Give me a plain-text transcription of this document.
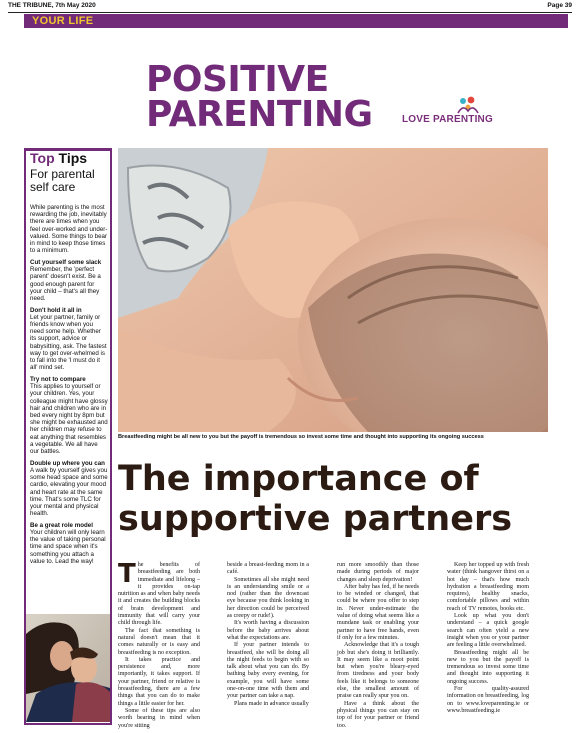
THE TRIBUNE, 7th May 2020	Page 39
YOUR LIFE
POSITIVE
PARENTING	LOVE PARENTING
Top Tips
For parental self care

While parenting is the most rewarding the job, inevitably there are times when you feel over-worked and under-valued. Some things to bear in mind to keep those times to a minimum.

Cut yourself some slack
Remember, the 'perfect parent' doesn't exist. Be a good enough parent for your child – that's all they need.

Don't hold it all in
Let your partner, family or friends know when you need some help. Whether its support, advice or babysitting, ask. The fastest way to get over-whelmed is to fall into the 'I must do it all' mind set.

Try not to compare
This applies to yourself or your children. Yes, your colleague might have glossy hair and children who are in bed every night by 8pm but she might be exhausted and her children may refuse to eat anything that resembles a vegetable. We all have our battles.

Double up where you can
A walk by yourself gives you some head space and some cardio, elevating your mood and heart rate at the same time. That's some TLC for your mental and physical health.

Be a great role model
Your children will only learn the value of taking personal time and space when it's something you attach a value to. Lead the way!

Breastfeeding might be all new to you but the payoff is tremendous so invest some time and thought into supporting its ongoing success
The importance of
supportive partners

The benefits of breastfeeding are both immediate and lifelong – it provides on-tap nutrition as and when baby needs it and creates the building blocks of brain development and immunity that will carry your child through life.

The fact that something is natural doesn't mean that it comes naturally or is easy and breastfeeding is no exception.

It takes practice and persistence and, more importantly, it takes support. If your partner, friend or relative is breastfeeding, there are a few things that you can do to make things a little easier for her.

Some of these tips are also worth bearing in mind when you're sitting

beside a breast-feeding mom in a café.

Sometimes all she might need is an understanding smile or a nod (rather than the downcast eye because you think looking in her direction could be perceived as creepy or rude!).

It's worth having a discussion before the baby arrives about what the expectations are.

If your partner intends to breastfeed, she will be doing all the night feeds to begin with so talk about what you can do. By bathing baby every evening, for example, you will have some one-on-one time with them and your partner can take a nap.

Plans made in advance usually

run more smoothly than those made during periods of major changes and sleep deprivation!

After baby has fed, if he needs to be winded or changed, that could be where you offer to step in. Never under-estimate the value of doing what seems like a mundane task or enabling your partner to have free hands, even if only for a few minutes.

Acknowledge that it's a tough job but she's doing it brilliantly. It may seem like a moot point but when you're bleary-eyed from tiredness and your body feels like it belongs to someone else, the smallest amount of praise can really spur you on.

Have a think about the physical things you can stay on top of for your partner or friend too.

Keep her topped up with fresh water (think hangover thirst on a hot day – that's how much hydration a breastfeeding mom requires), healthy snacks, comfortable pillows and within reach of TV remotes, books etc.

Look up what you don't understand – a quick google search can often yield a new insight when you or your partner are feeling a little overwhelmed.

Breastfeeding might all be new to you but the payoff is tremendous so invest some time and thought into supporting it ongoing success.

For quality-assured information on breastfeeding, log on to www.loveparenting.ie or www.breastfeeding.ie
